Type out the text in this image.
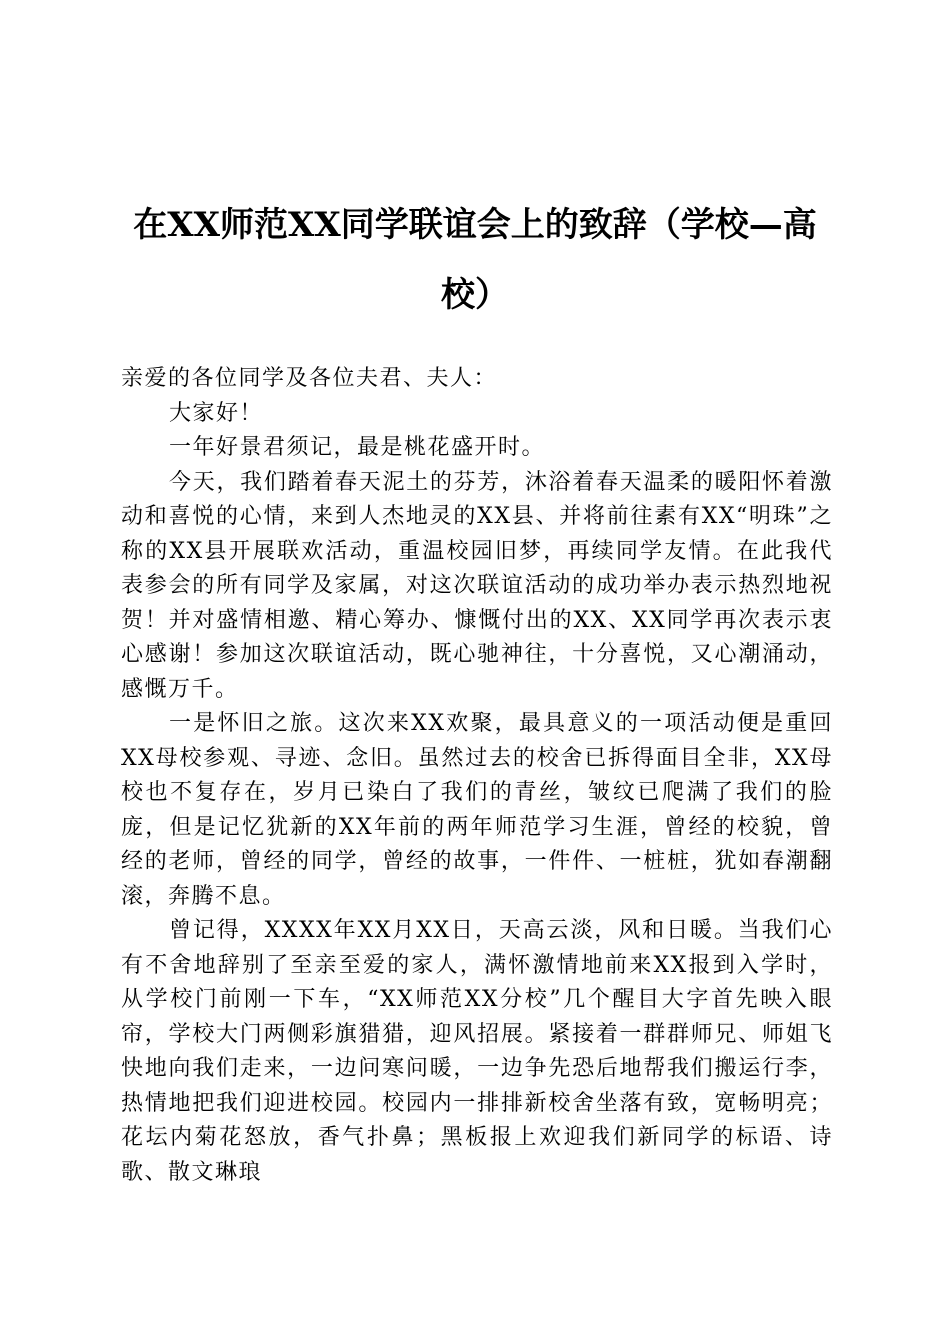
在XX师范XX同学联谊会上的致辞（学校—高校）

亲爱的各位同学及各位夫君、夫人：

大家好！

一年好景君须记，最是桃花盛开时。

今天，我们踏着春天泥土的芬芳，沐浴着春天温柔的暖阳怀着激动和喜悦的心情，来到人杰地灵的XX县、并将前往素有XX“明珠”之称的XX县开展联欢活动，重温校园旧梦，再续同学友情。在此我代表参会的所有同学及家属，对这次联谊活动的成功举办表示热烈地祝贺！并对盛情相邀、精心筹办、慷慨付出的XX、XX同学再次表示衷心感谢！参加这次联谊活动，既心驰神往，十分喜悦，又心潮涌动，感慨万千。

一是怀旧之旅。这次来XX欢聚，最具意义的一项活动便是重回XX母校参观、寻迹、念旧。虽然过去的校舍已拆得面目全非，XX母校也不复存在，岁月已染白了我们的青丝，皱纹已爬满了我们的脸庞，但是记忆犹新的XX年前的两年师范学习生涯，曾经的校貌，曾经的老师，曾经的同学，曾经的故事，一件件、一桩桩，犹如春潮翻滚，奔腾不息。

曾记得，XXXX年XX月XX日，天高云淡，风和日暖。当我们心有不舍地辞别了至亲至爱的家人，满怀激情地前来XX报到入学时，从学校门前刚一下车，“XX师范XX分校”几个醒目大字首先映入眼帘，学校大门两侧彩旗猎猎，迎风招展。紧接着一群群师兄、师姐飞快地向我们走来，一边问寒问暖，一边争先恐后地帮我们搬运行李，热情地把我们迎进校园。校园内一排排新校舍坐落有致，宽畅明亮；花坛内菊花怒放，香气扑鼻；黑板报上欢迎我们新同学的标语、诗歌、散文琳琅
